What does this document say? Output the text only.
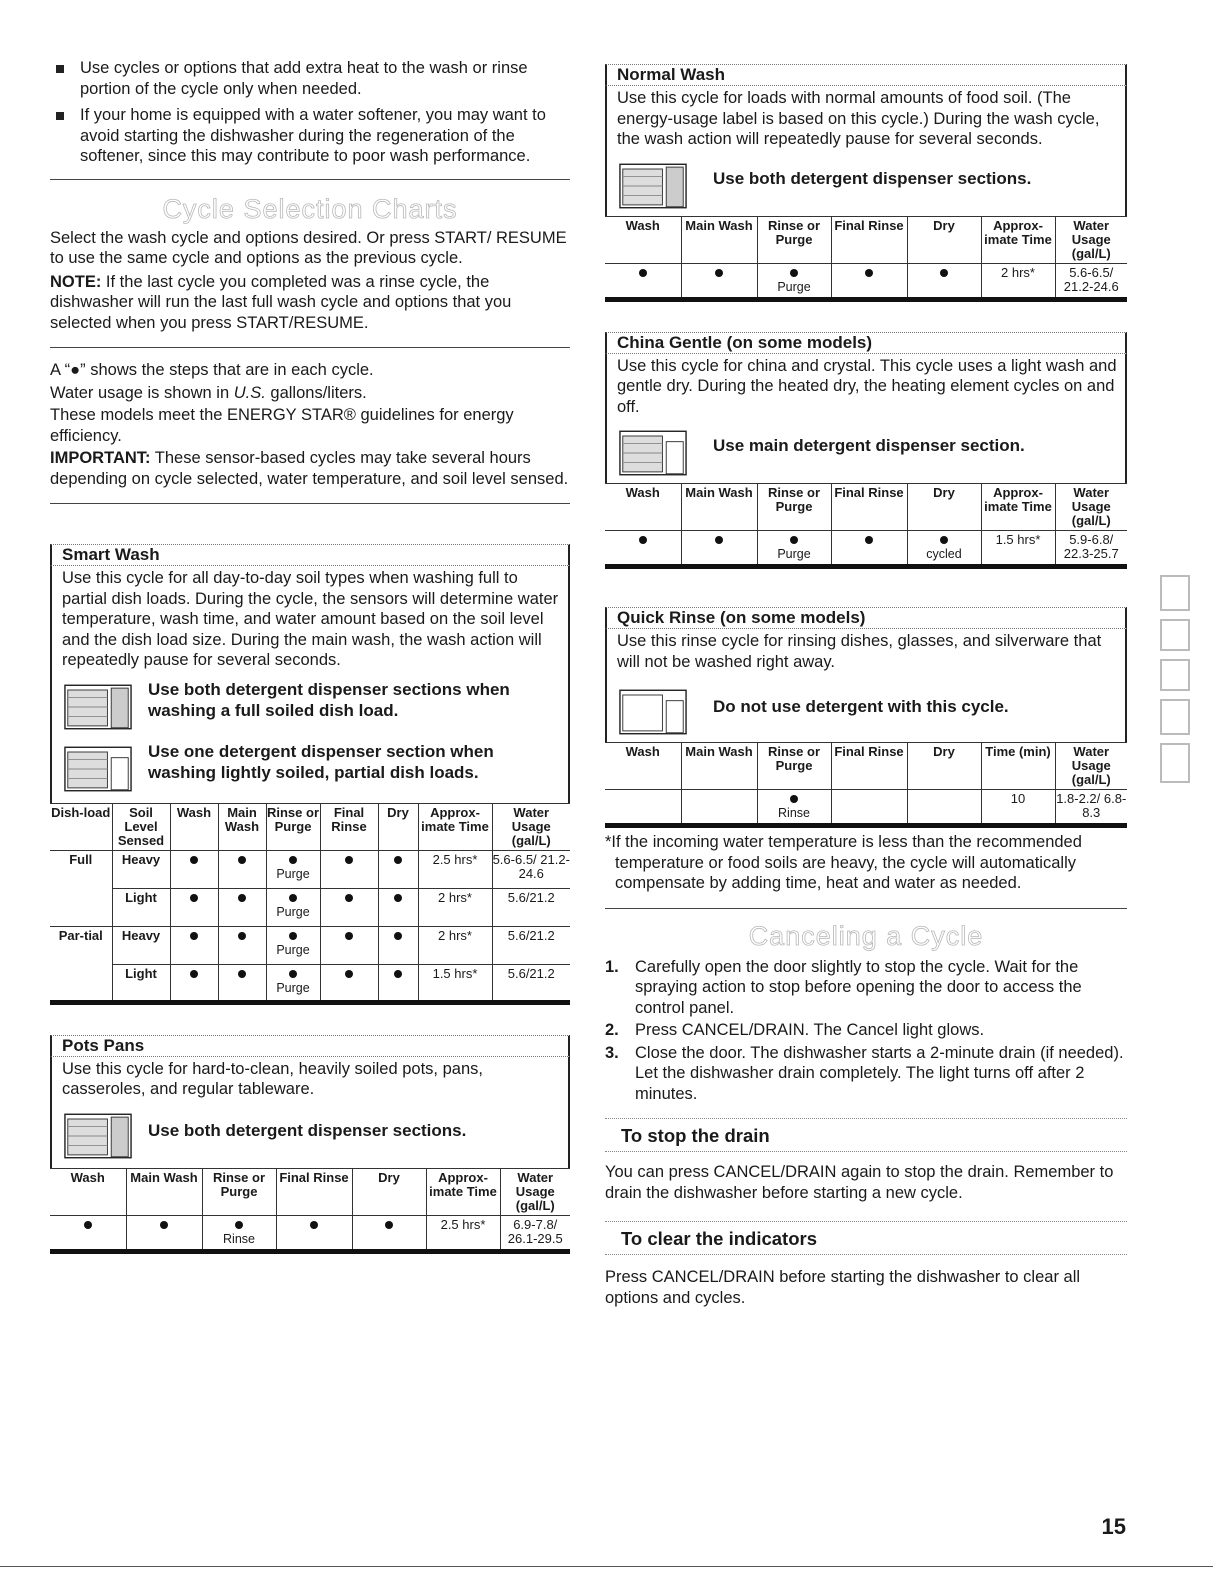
Use cycles or options that add extra heat to the wash or rinse portion of the cycle only when needed.
If your home is equipped with a water softener, you may want to avoid starting the dishwasher during the regeneration of the softener, since this may contribute to poor wash performance.
Cycle Selection Charts
Select the wash cycle and options desired. Or press START/ RESUME to use the same cycle and options as the previous cycle.
NOTE: If the last cycle you completed was a rinse cycle, the dishwasher will run the last full wash cycle and options that you selected when you press START/RESUME.
A “●” shows the steps that are in each cycle.
Water usage is shown in U.S. gallons/liters.
These models meet the ENERGY STAR® guidelines for energy efficiency.
IMPORTANT: These sensor-based cycles may take several hours depending on cycle selected, water temperature, and soil level sensed.
Smart Wash
Use this cycle for all day-to-day soil types when washing full to partial dish loads. During the cycle, the sensors will determine water temperature, wash time, and water amount based on the soil level and the dish load size. During the main wash, the wash action will repeatedly pause for several seconds.
Use both detergent dispenser sections when washing a full soiled dish load.
Use one detergent dispenser section when washing lightly soiled, partial dish loads.
Dish-load	Soil Level Sensed	Wash	Main Wash	Rinse or Purge	Final Rinse	Dry	Approx-imate Time	Water Usage (gal/L)
Full	Heavy			Purge			2.5 hrs*	5.6-6.5/ 21.2-24.6
	Light			Purge			2 hrs*	5.6/21.2
Par-tial	Heavy			Purge			2 hrs*	5.6/21.2
	Light			Purge			1.5 hrs*	5.6/21.2
Pots Pans
Use this cycle for hard-to-clean, heavily soiled pots, pans, casseroles, and regular tableware.
Use both detergent dispenser sections.
Wash	Main Wash	Rinse or Purge	Final Rinse	Dry	Approx-imate Time	Water Usage (gal/L)

		Rinse			2.5 hrs*	6.9-7.8/ 26.1-29.5
Normal Wash
Use this cycle for loads with normal amounts of food soil. (The energy-usage label is based on this cycle.) During the wash cycle, the wash action will repeatedly pause for several seconds.
Use both detergent dispenser sections.
Wash	Main Wash	Rinse or Purge	Final Rinse	Dry	Approx-imate Time	Water Usage (gal/L)

		Purge			2 hrs*	5.6-6.5/ 21.2-24.6
China Gentle (on some models)
Use this cycle for china and crystal. This cycle uses a light wash and gentle dry. During the heated dry, the heating element cycles on and off.
Use main detergent dispenser section.
Wash	Main Wash	Rinse or Purge	Final Rinse	Dry	Approx-imate Time	Water Usage (gal/L)

		Purge		cycled	1.5 hrs*	5.9-6.8/ 22.3-25.7
Quick Rinse (on some models)
Use this rinse cycle for rinsing dishes, glasses, and silverware that will not be washed right away.
Do not use detergent with this cycle.
Wash	Main Wash	Rinse or Purge	Final Rinse	Dry	Time (min)	Water Usage (gal/L)

		Rinse			10	1.8-2.2/ 6.8-8.3
*If the incoming water temperature is less than the recommended temperature or food soils are heavy, the cycle will automatically compensate by adding time, heat and water as needed.
Canceling a Cycle
1. Carefully open the door slightly to stop the cycle. Wait for the spraying action to stop before opening the door to access the control panel.
2. Press CANCEL/DRAIN. The Cancel light glows.
3. Close the door. The dishwasher starts a 2-minute drain (if needed). Let the dishwasher drain completely. The light turns off after 2 minutes.
To stop the drain
You can press CANCEL/DRAIN again to stop the drain. Remember to drain the dishwasher before starting a new cycle.
To clear the indicators
Press CANCEL/DRAIN before starting the dishwasher to clear all options and cycles.
15
